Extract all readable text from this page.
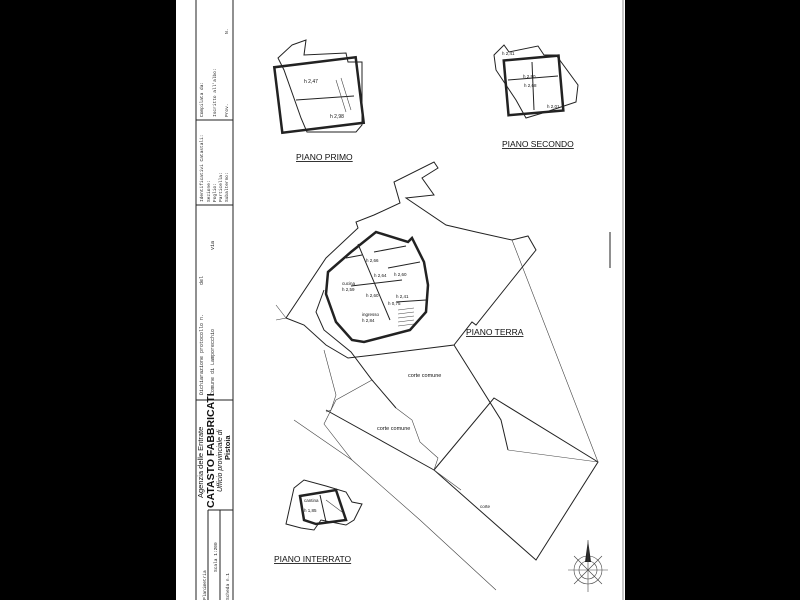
Agenzia delle Entrate CATASTO FABBRICATI Ufficio provinciale di Pistoia
Dichiarazione protocollo n.
del
Comune di Lamporecchio
via
Identificativi Catastali: Sezione: Foglio: Particella: Subalterno:
Compilata da: Iscritto all'albo: Prov.
N.
Scala 1:200
Scheda n.1
Planimetria
h 2,47
h 2,98
PIANO PRIMO
h 2,41
h 2,90
h 2,68
h 2,01
PIANO SECONDO
h 2,66
h 2,64 h 2,60
cucina
h 2,59
h 2,60	h 2,41
ingresso
h 2,84
h 0,75
corte comune
corte comune
corte
PIANO TERRA
cantina
h 1,85
PIANO INTERRATO
